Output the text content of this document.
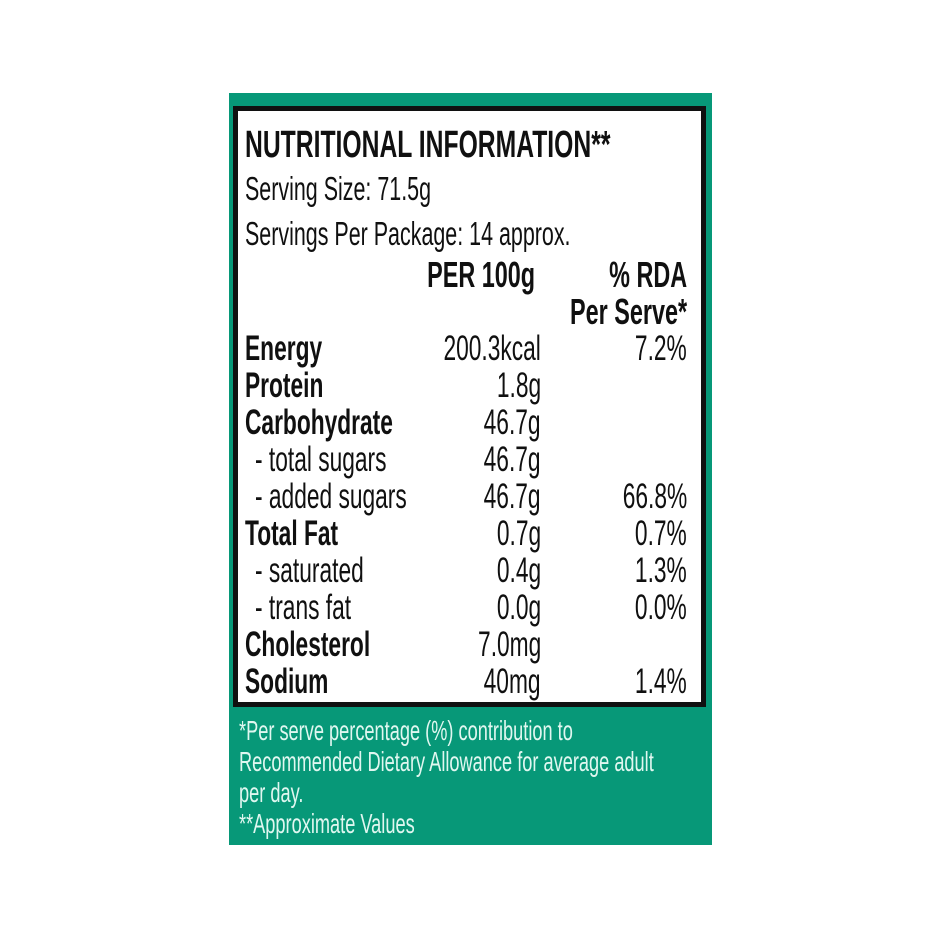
NUTRITIONAL INFORMATION**
Serving Size: 71.5g
Servings Per Package: 14 approx.
PER 100g	% RDA
Per Serve*
Energy	200.3kcal	7.2%
Protein	1.8g
Carbohydrate	46.7g
- total sugars	46.7g
- added sugars 46.7g 66.8%
Total Fat	0.7g	0.7%
- saturated	0.4g	1.3%
- trans fat	0.0g	0.0%
Cholesterol	7.0mg
Sodium	40mg	1.4%
*Per serve percentage (%) contribution to
Recommended Dietary Allowance for average adult
per day.
**Approximate Values
